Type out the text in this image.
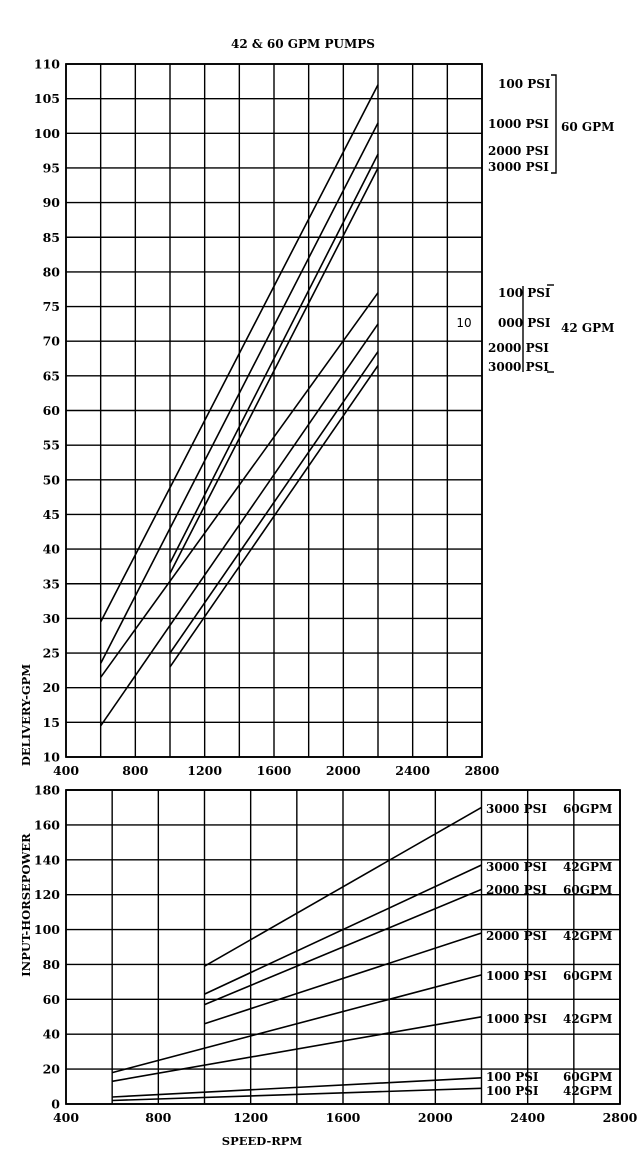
42 & 60 GPM PUMPS
10
15
20
25
30
35
40
45
50
55
60
65
70
75
80
85
90
95
100
105
110
400	800	1200	1600	2000	2400	2800
DELIVERY-GPM
0
20
40
60
80
100
120
140
160
180
400	800	1200	1600	2000	2400	2800
INPUT-HORSEPOWER
SPEED-RPM
100 PSI
1000 PSI
2000 PSI
3000 PSI
60 GPM
100 PSI
000 PSI
2000 PSI
3000 PSI
10	42 GPM
3000 PSI 60GPM
3000 PSI 42GPM
2000 PSI 60GPM
2000 PSI 42GPM
1000 PSI 60GPM
1000 PSI 42GPM
100 PSI 60GPM
100 PSI 42GPM
